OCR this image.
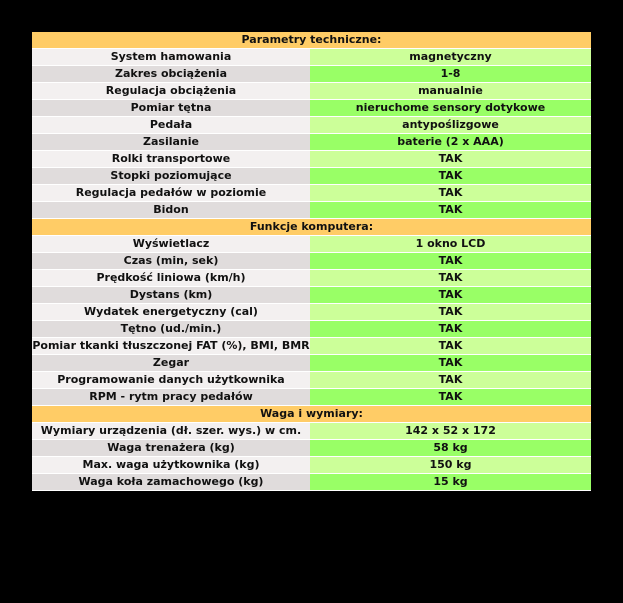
Parametry techniczne:	
System hamowania	magnetyczny
Zakres obciążenia	1-8
Regulacja obciążenia	manualnie
Pomiar tętna	nieruchome sensory dotykowe
Pedała	antypoślizgowe
Zasilanie	baterie (2 x AAA)
Rolki transportowe	TAK
Stopki poziomujące	TAK
Regulacja pedałów w poziomie	TAK
Bidon	TAK
Funkcje komputera:	
Wyświetlacz	1 okno LCD
Czas (min, sek)	TAK
Prędkość liniowa (km/h)	TAK
Dystans (km)	TAK
Wydatek energetyczny (cal)	TAK
Tętno (ud./min.)	TAK
Pomiar tkanki tłuszczonej FAT (%), BMI, BMR	TAK
Zegar	TAK
Programowanie danych użytkownika	TAK
RPM - rytm pracy pedałów	TAK
Waga i wymiary:	
Wymiary urządzenia (dł. szer. wys.) w cm.	142 x 52 x 172
Waga trenażera (kg)	58 kg
Max. waga użytkownika (kg)	150 kg
Waga koła zamachowego (kg)	15 kg
